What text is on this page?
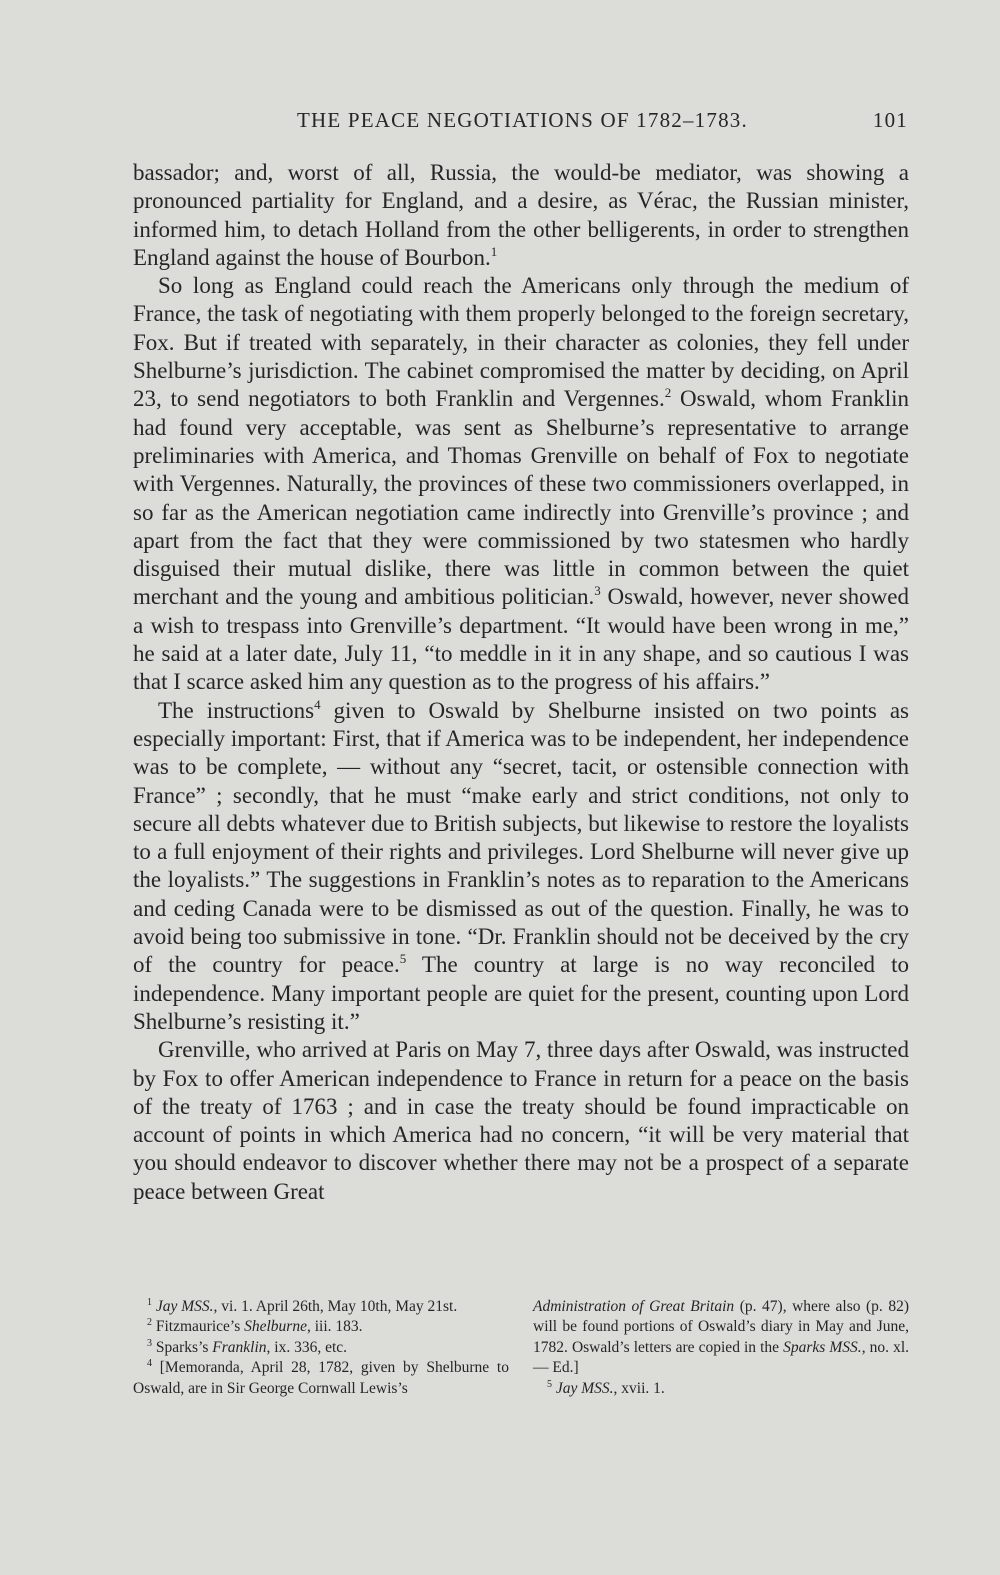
THE PEACE NEGOTIATIONS OF 1782–1783.	101

bassador; and, worst of all, Russia, the would-be mediator, was showing a pronounced partiality for England, and a desire, as Vérac, the Russian minister, informed him, to detach Holland from the other belligerents, in order to strengthen England against the house of Bourbon.$^1$

So long as England could reach the Americans only through the medium of France, the task of negotiating with them properly belonged to the foreign secretary, Fox. But if treated with separately, in their character as colonies, they fell under Shelburne’s jurisdiction. The cabinet compromised the matter by deciding, on April 23, to send negotiators to both Franklin and Vergennes.$^2$ Oswald, whom Franklin had found very acceptable, was sent as Shelburne’s representative to arrange preliminaries with America, and Thomas Grenville on behalf of Fox to negotiate with Vergennes. Naturally, the provinces of these two commissioners overlapped, in so far as the American negotiation came indirectly into Grenville’s province ; and apart from the fact that they were commissioned by two statesmen who hardly disguised their mutual dislike, there was little in common between the quiet merchant and the young and ambitious politician.$^3$ Oswald, however, never showed a wish to trespass into Grenville’s department. “It would have been wrong in me,” he said at a later date, July 11, “to meddle in it in any shape, and so cautious I was that I scarce asked him any question as to the progress of his affairs.”

The instructions$^4$ given to Oswald by Shelburne insisted on two points as especially important: First, that if America was to be independent, her independence was to be complete, — without any “secret, tacit, or ostensible connection with France” ; secondly, that he must “make early and strict conditions, not only to secure all debts whatever due to British subjects, but likewise to restore the loyalists to a full enjoyment of their rights and privileges. Lord Shelburne will never give up the loyalists.” The suggestions in Franklin’s notes as to reparation to the Americans and ceding Canada were to be dismissed as out of the question. Finally, he was to avoid being too submissive in tone. “Dr. Franklin should not be deceived by the cry of the country for peace.$^5$ The country at large is no way reconciled to independence. Many important people are quiet for the present, counting upon Lord Shelburne’s resisting it.”

Grenville, who arrived at Paris on May 7, three days after Oswald, was instructed by Fox to offer American independence to France in return for a peace on the basis of the treaty of 1763 ; and in case the treaty should be found impracticable on account of points in which America had no concern, “it will be very material that you should endeavor to discover whether there may not be a prospect of a separate peace between Great

$^1$ Jay MSS., vi. 1. April 26th, May 10th, May 21st.

$^2$ Fitzmaurice’s Shelburne, iii. 183.

$^3$ Sparks’s Franklin, ix. 336, etc.

$^4$ [Memoranda, April 28, 1782, given by Shelburne to Oswald, are in Sir George Cornwall Lewis’s

Administration of Great Britain (p. 47), where also (p. 82) will be found portions of Oswald’s diary in May and June, 1782. Oswald’s letters are copied in the Sparks MSS., no. xl. — Ed.]

$^5$ Jay MSS., xvii. 1.
